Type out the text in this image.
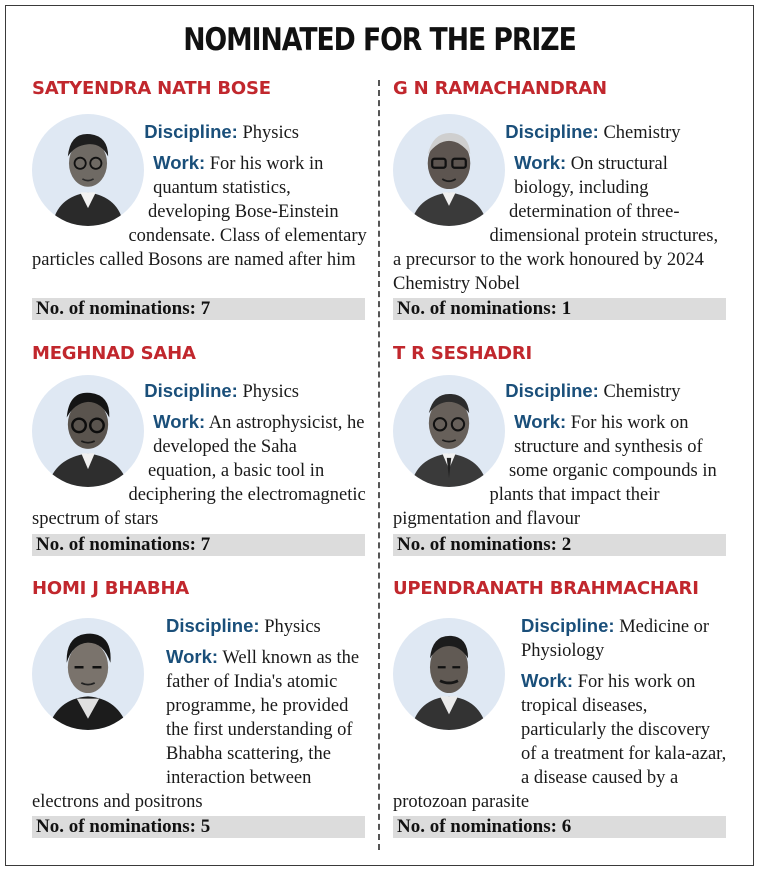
NOMINATED FOR THE PRIZE
SATYENDRA NATH BOSE
Discipline: Physics
Work: For his work in quantum statistics, developing Bose-Einstein condensate. Class of elementary particles called Bosons are named after him
No. of nominations: 7
G N RAMACHANDRAN
Discipline: Chemistry
Work: On structural biology, including determination of three-dimensional protein structures, a precursor to the work honoured by 2024 Chemistry Nobel
No. of nominations: 1
MEGHNAD SAHA
Discipline: Physics
Work: An astrophysicist, he developed the Saha equation, a basic tool in deciphering the electromagnetic spectrum of stars
No. of nominations: 7
T R SESHADRI
Discipline: Chemistry
Work: For his work on structure and synthesis of some organic compounds in plants that impact their pigmentation and flavour
No. of nominations: 2
HOMI J BHABHA
Discipline: Physics
Work: Well known as the father of India's atomic programme, he provided the first understanding of Bhabha scattering, the interaction between electrons and positrons
No. of nominations: 5
UPENDRANATH BRAHMACHARI
Discipline: Medicine or Physiology
Work: For his work on tropical diseases, particularly the discovery of a treatment for kala-azar, a disease caused by a protozoan parasite
No. of nominations: 6
